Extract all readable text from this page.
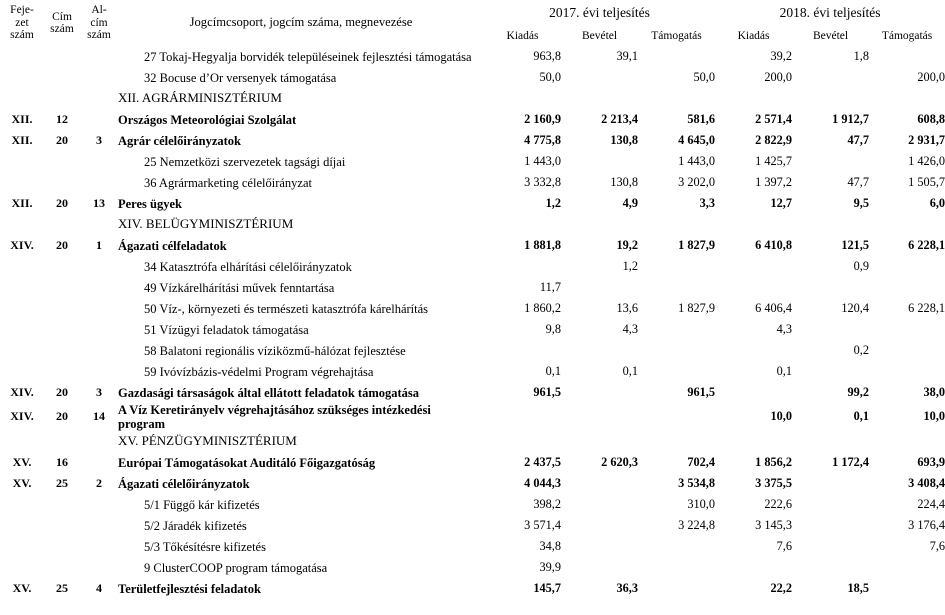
Feje-
zet
szám

Cím
szám

Al-
cím
szám
	Jogcímcsoport, jogcím száma, megnevezése	2017. évi teljesítés	2018. évi teljesítés
				Kiadás	Bevétel	Támogatás	Kiadás	Bevétel	Támogatás

			27 Tokaj-Hegyalja borvidék településeinek fejlesztési támogatása	963,8	39,1		39,2	1,8	
			32 Bocuse d’Or versenyek támogatása	50,0		50,0	200,0		200,0
			XII. AGRÁRMINISZTÉRIUM						
XII.	12		Országos Meteorológiai Szolgálat	2 160,9	2 213,4	581,6	2 571,4	1 912,7	608,8
XII.	20	3	Agrár célelőirányzatok	4 775,8	130,8	4 645,0	2 822,9	47,7	2 931,7
			25 Nemzetközi szervezetek tagsági díjai	1 443,0		1 443,0	1 425,7		1 426,0
			36 Agrármarketing célelőirányzat	3 332,8	130,8	3 202,0	1 397,2	47,7	1 505,7
XII.	20	13	Peres ügyek	1,2	4,9	3,3	12,7	9,5	6,0
			XIV. BELÜGYMINISZTÉRIUM						
XIV.	20	1	Ágazati célfeladatok	1 881,8	19,2	1 827,9	6 410,8	121,5	6 228,1
			34 Katasztrófa elhárítási célelőirányzatok		1,2			0,9	
			49 Vízkárelhárítási művek fenntartása	11,7					
			50 Víz-, környezeti és természeti katasztrófa kárelhárítás	1 860,2	13,6	1 827,9	6 406,4	120,4	6 228,1
			51 Vízügyi feladatok támogatása	9,8	4,3		4,3		
			58 Balatoni regionális víziközmű-hálózat fejlesztése					0,2	
			59 Ivóvízbázis-védelmi Program végrehajtása	0,1	0,1		0,1		
XIV.	20	3	Gazdasági társaságok által ellátott feladatok támogatása	961,5		961,5		99,2	38,0
XIV.	20	14	A Víz Keretirányelv végrehajtásához szükséges intézkedési
program				10,0	0,1	10,0
			XV. PÉNZÜGYMINISZTÉRIUM						
XV.	16		Európai Támogatásokat Auditáló Főigazgatóság	2 437,5	2 620,3	702,4	1 856,2	1 172,4	693,9
XV.	25	2	Ágazati célelőirányzatok	4 044,3		3 534,8	3 375,5		3 408,4
			5/1 Függő kár kifizetés	398,2		310,0	222,6		224,4
			5/2 Járadék kifizetés	3 571,4		3 224,8	3 145,3		3 176,4
			5/3 Tőkésítésre kifizetés	34,8			7,6		7,6
			9 ClusterCOOP program támogatása	39,9					
XV.	25	4	Területfejlesztési feladatok	145,7	36,3		22,2	18,5	
